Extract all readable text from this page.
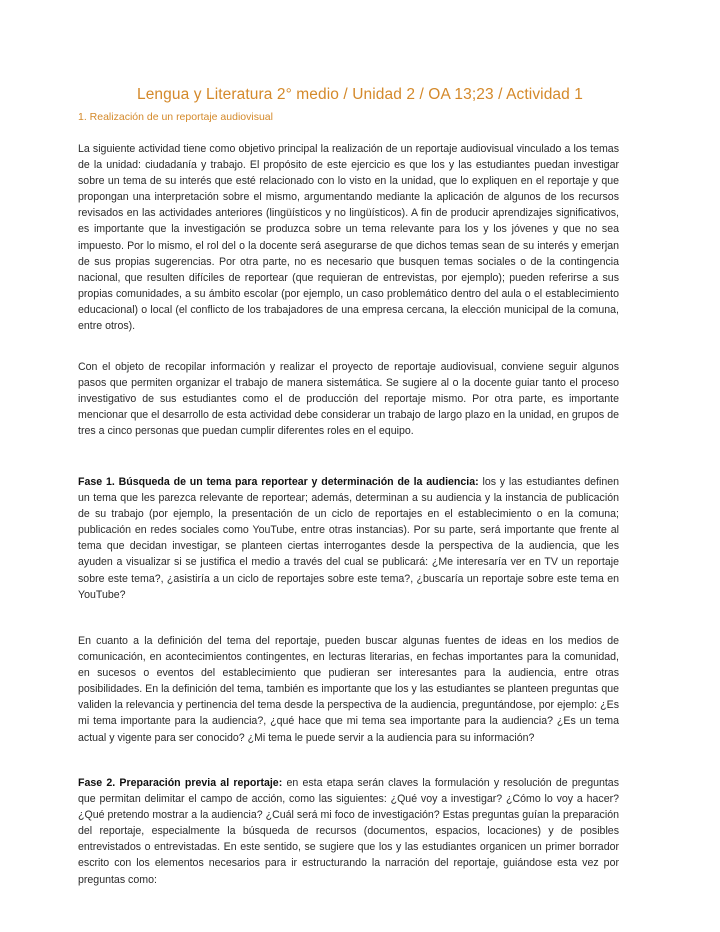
Lengua y Literatura 2° medio / Unidad 2 / OA 13;23 / Actividad 1
1. Realización de un reportaje audiovisual

La siguiente actividad tiene como objetivo principal la realización de un reportaje audiovisual vinculado a los temas de la unidad: ciudadanía y trabajo. El propósito de este ejercicio es que los y las estudiantes puedan investigar sobre un tema de su interés que esté relacionado con lo visto en la unidad, que lo expliquen en el reportaje y que propongan una interpretación sobre el mismo, argumentando mediante la aplicación de algunos de los recursos revisados en las actividades anteriores (lingüísticos y no lingüísticos). A fin de producir aprendizajes significativos, es importante que la investigación se produzca sobre un tema relevante para los y los jóvenes y que no sea impuesto. Por lo mismo, el rol del o la docente será asegurarse de que dichos temas sean de su interés y emerjan de sus propias sugerencias. Por otra parte, no es necesario que busquen temas sociales o de la contingencia nacional, que resulten difíciles de reportear (que requieran de entrevistas, por ejemplo); pueden referirse a sus propias comunidades, a su ámbito escolar (por ejemplo, un caso problemático dentro del aula o el establecimiento educacional) o local (el conflicto de los trabajadores de una empresa cercana, la elección municipal de la comuna, entre otros).

Con el objeto de recopilar información y realizar el proyecto de reportaje audiovisual, conviene seguir algunos pasos que permiten organizar el trabajo de manera sistemática. Se sugiere al o la docente guiar tanto el proceso investigativo de sus estudiantes como el de producción del reportaje mismo. Por otra parte, es importante mencionar que el desarrollo de esta actividad debe considerar un trabajo de largo plazo en la unidad, en grupos de tres a cinco personas que puedan cumplir diferentes roles en el equipo.

Fase 1. Búsqueda de un tema para reportear y determinación de la audiencia: los y las estudiantes definen un tema que les parezca relevante de reportear; además, determinan a su audiencia y la instancia de publicación de su trabajo (por ejemplo, la presentación de un ciclo de reportajes en el establecimiento o en la comuna; publicación en redes sociales como YouTube, entre otras instancias). Por su parte, será importante que frente al tema que decidan investigar, se planteen ciertas interrogantes desde la perspectiva de la audiencia, que les ayuden a visualizar si se justifica el medio a través del cual se publicará: ¿Me interesaría ver en TV un reportaje sobre este tema?, ¿asistiría a un ciclo de reportajes sobre este tema?, ¿buscaría un reportaje sobre este tema en YouTube?

En cuanto a la definición del tema del reportaje, pueden buscar algunas fuentes de ideas en los medios de comunicación, en acontecimientos contingentes, en lecturas literarias, en fechas importantes para la comunidad, en sucesos o eventos del establecimiento que pudieran ser interesantes para la audiencia, entre otras posibilidades. En la definición del tema, también es importante que los y las estudiantes se planteen preguntas que validen la relevancia y pertinencia del tema desde la perspectiva de la audiencia, preguntándose, por ejemplo: ¿Es mi tema importante para la audiencia?, ¿qué hace que mi tema sea importante para la audiencia? ¿Es un tema actual y vigente para ser conocido? ¿Mi tema le puede servir a la audiencia para su información?

Fase 2. Preparación previa al reportaje: en esta etapa serán claves la formulación y resolución de preguntas que permitan delimitar el campo de acción, como las siguientes: ¿Qué voy a investigar? ¿Cómo lo voy a hacer? ¿Qué pretendo mostrar a la audiencia? ¿Cuál será mi foco de investigación? Estas preguntas guían la preparación del reportaje, especialmente la búsqueda de recursos (documentos, espacios, locaciones) y de posibles entrevistados o entrevistadas. En este sentido, se sugiere que los y las estudiantes organicen un primer borrador escrito con los elementos necesarios para ir estructurando la narración del reportaje, guiándose esta vez por preguntas como:
